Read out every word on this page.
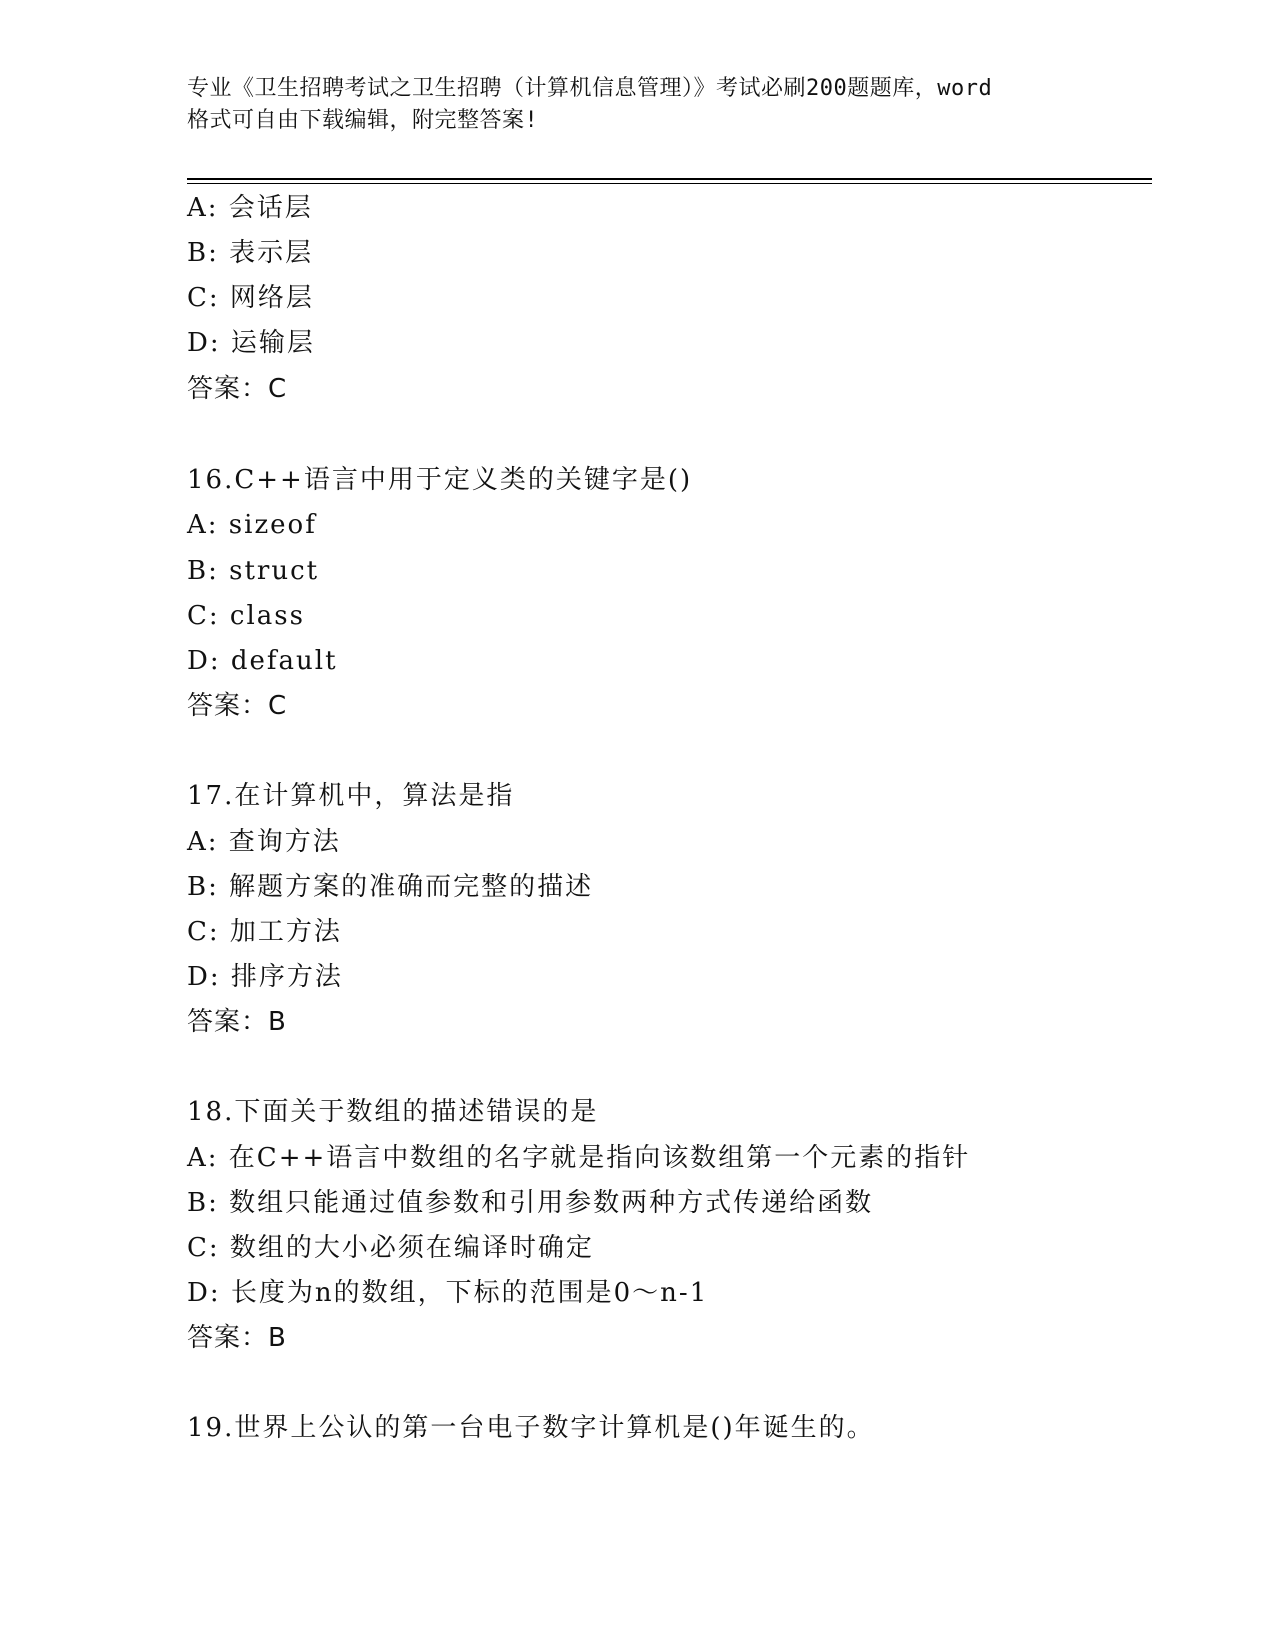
专业《卫生招聘考试之卫生招聘（计算机信息管理）》考试必刷200题题库，word
格式可自由下载编辑，附完整答案!
A: 会话层
B: 表示层
C: 网络层
D: 运输层
答案：C
16.C++语言中用于定义类的关键字是()
A: sizeof
B: struct
C: class
D: default
答案：C
17.在计算机中，算法是指
A: 查询方法
B: 解题方案的准确而完整的描述
C: 加工方法
D: 排序方法
答案：B
18.下面关于数组的描述错误的是
A: 在C++语言中数组的名字就是指向该数组第一个元素的指针
B: 数组只能通过值参数和引用参数两种方式传递给函数
C: 数组的大小必须在编译时确定
D: 长度为n的数组，下标的范围是0～n-1
答案：B
19.世界上公认的第一台电子数字计算机是()年诞生的。
